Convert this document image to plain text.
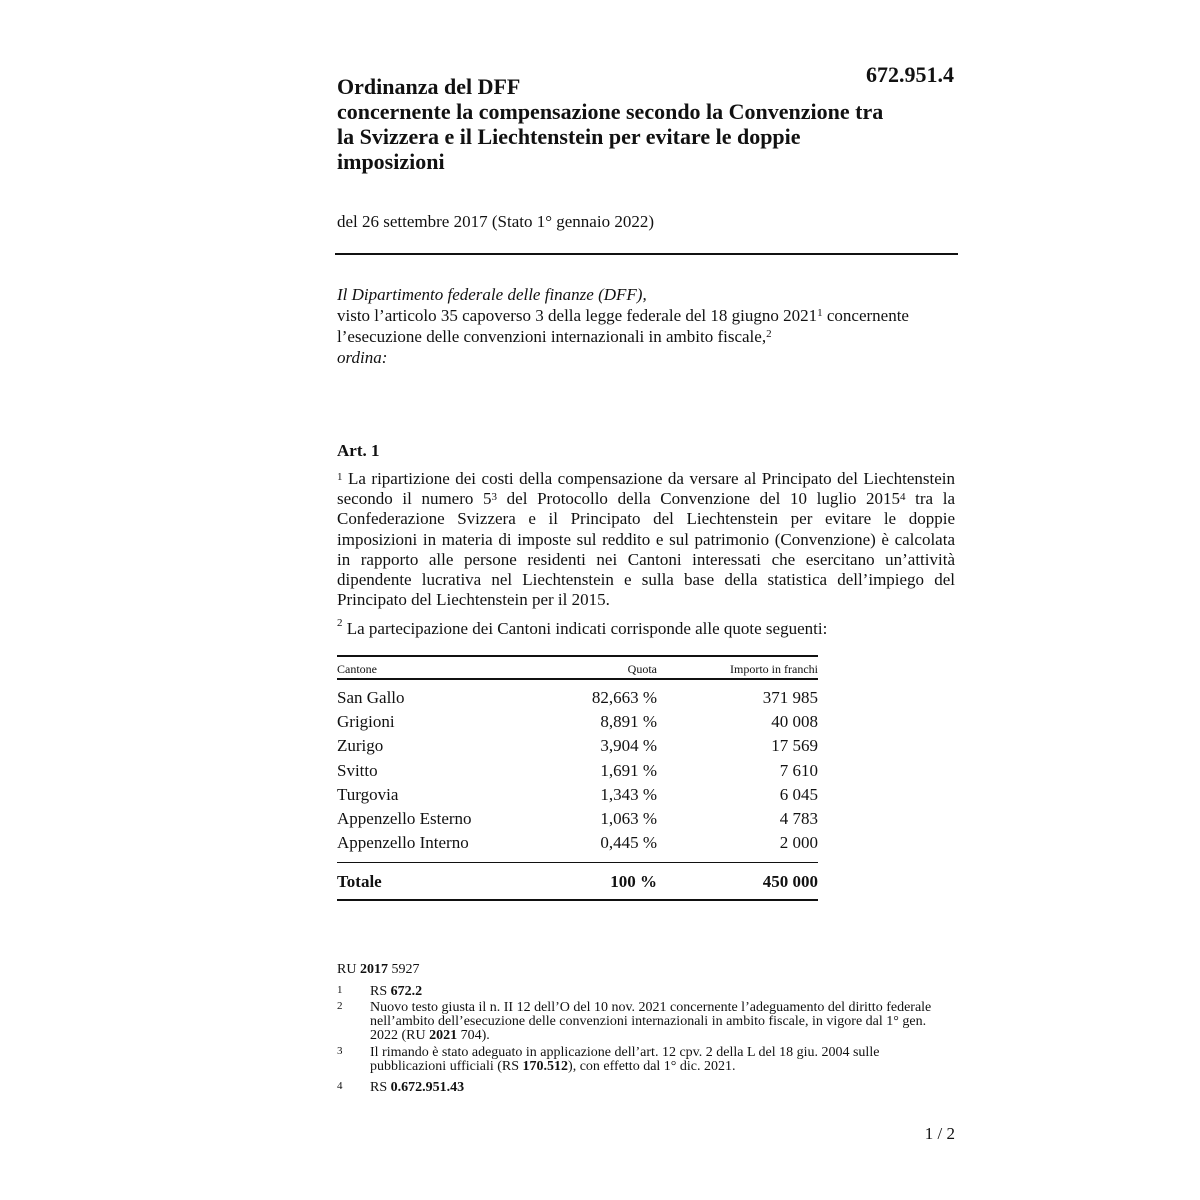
672.951.4
Ordinanza del DFF
concernente la compensazione secondo la Convenzione tra
la Svizzera e il Liechtenstein per evitare le doppie
imposizioni
del 26 settembre 2017 (Stato 1° gennaio 2022)
Il Dipartimento federale delle finanze (DFF),
visto l’articolo 35 capoverso 3 della legge federale del 18 giugno 2021$^1$ concernente l’esecuzione delle convenzioni internazionali in ambito fiscale,$^2$
ordina:
Art. 1
$^1$ La ripartizione dei costi della compensazione da versare al Principato del Liechtenstein secondo il numero $5^3$ del Protocollo della Convenzione del 10 luglio 2015$^4$ tra la Confederazione Svizzera e il Principato del Liechtenstein per evitare le doppie imposizioni in materia di imposte sul reddito e sul patrimonio (Convenzione) è calcolata in rapporto alle persone residenti nei Cantoni interessati che esercitano un’attività dipendente lucrativa nel Liechtenstein e sulla base della statistica dell’impiego del Principato del Liechtenstein per il 2015.
$^2$ La partecipazione dei Cantoni indicati corrisponde alle quote seguenti:
Cantone	Quota	Importo in franchi
San Gallo	82,663 %	371 985
Grigioni	8,891 %	40 008
Zurigo	3,904 %	17 569
Svitto	1,691 %	7 610
Turgovia	1,343 %	6 045
Appenzello Esterno	1,063 %	4 783
Appenzello Interno	0,445 %	2 000
Totale	100 %	450 000
RU 2017 5927
1 RS 672.2
2 Nuovo testo giusta il n. II 12 dell’O del 10 nov. 2021 concernente l’adeguamento del diritto federale nell’ambito dell’esecuzione delle convenzioni internazionali in ambito fiscale, in vigore dal 1° gen. 2022 (RU 2021 704).
3 Il rimando è stato adeguato in applicazione dell’art. 12 cpv. 2 della L del 18 giu. 2004 sulle pubblicazioni ufficiali (RS 170.512), con effetto dal 1° dic. 2021.
4 RS 0.672.951.43
1 / 2
